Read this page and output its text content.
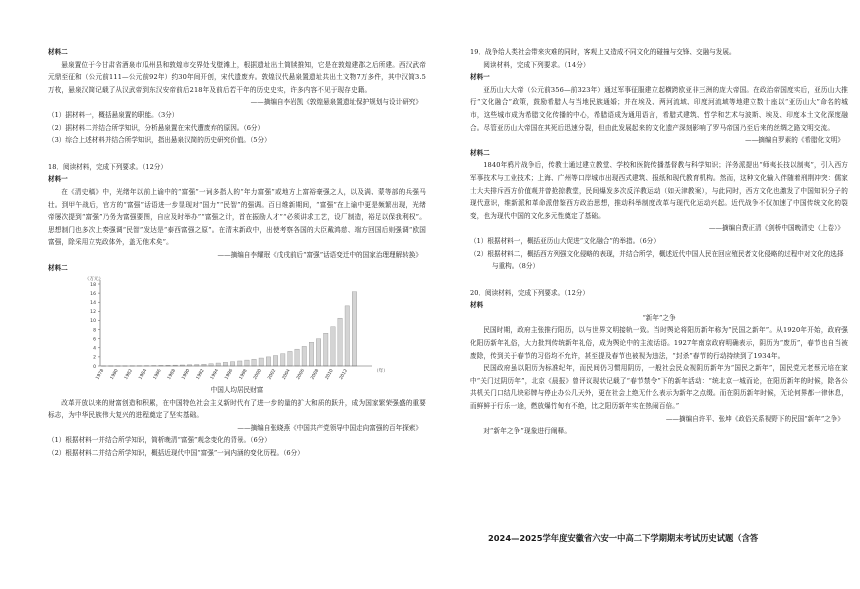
材料二

悬泉置位于今甘肃省酒泉市瓜州县和敦煌市交界处戈壁滩上，根据遗址出土简牍推知，它是在敦煌建郡之后所建。西汉武帝元鼎至征和（公元前111—公元前92年）约30年间开创，宋代遗废弃。敦煌汉代悬泉置遗址共出土文物7万多件，其中汉简3.5万枚，悬泉汉简记载了从汉武帝到东汉安帝前后218年及前后若干年的历史史实，许多内容不见于现存史籍。

——摘编自李岩凯《敦煌悬泉置遗址保护规划与设计研究》

（1）据材料一，概括悬泉置的职能。（3分）

（2）据材料二并结合所学知识，分析悬泉置在宋代遭废弃的原因。（6分）

（3）综合上述材料并结合所学知识，指出悬泉汉简的历史研究价值。（5分）

18．阅读材料，完成下列要求。（12分）

材料一

在《清史稿》中，光绪年以前上谕中的“富强”一词多指人的“年力富强”或地方上富裕豪强之人，以及满、蒙等部的兵强马壮。到甲午战后，官方的“富强”话语进一步显现对“国力”“民智”的强调。百日维新期间，“富强”在上谕中更是频繁出现，光绪帝屡次提到“富强”乃务为富强要图，自应及时举办”“富强之计，首在振励人才”“必须讲求工艺，设厂制造，裕足以保我利权”。思想制门也多次上奏强调“民智”发达是“泰西富强之原”。在清末新政中，出使考察各国的大臣戴鸿慈、端方回国后则强调“欧国富强，除采用立宪政体外，盖无他术矣”。

——摘编自李耀珉《戊戌前后“富强”话语变迁中的国家治理理解转换》

材料二

0
2
4
6
8
10
12
14
16
18
（万元）
（年）
1978 1980 1982 1984 1986 1988 1990 1992 1994 1996 1998 2000 2002 2004 2006 2008 2010 2012

中国人均居民财富

改革开放以来的财富创造和积累，在中国特色社会主义新时代有了进一步的量的扩大和质的跃升，成为国家繁荣强盛的重要标志，为中华民族伟大复兴的进程奠定了坚实基础。

——摘编自张晓燕《中国共产党领导中国走向富强的百年探索》

（1）根据材料一并结合所学知识，简析晚清“富强”观念变化的背景。（6分）

（2）根据材料二并结合所学知识，概括近现代中国“富强”一词内涵的变化历程。（6分）

19．战争给人类社会带来灾难的同时，客观上又造成不同文化的碰撞与交锋、交融与发展。

阅读材料，完成下列要求。（14分）

材料一

亚历山大大帝（公元前356—前323年）通过军事征服建立起横跨欧亚非三洲的庞大帝国。在政治帝国度实后，亚历山大推行“文化融合”政策，鼓励希腊人与当地民族通婚；并在埃及、两河流域、印度河流域等地建立数十座以“亚历山大”命名的城市，这些城市成为希腊文化传播的中心，希腊语成为通用语言，希腊式建筑、哲学和艺术与波斯、埃及、印度本土文化深度融合。尽管亚历山大帝国在其死后迅速分裂，但由此发展起来的文化遗产深刻影响了罗马帝国乃至后来的丝绸之路文明交流。

——摘编自罗素的《希腊化文明》

材料二

1840年鸦片战争后，传教士通过建立教堂、学校和医院传播基督教与科学知识；洋务派提出“师夷长技以制夷”，引入西方军事技术与工业技术；上海、广州等口岸城市出现西式建筑、报纸和现代教育机构。然而，这种文化输入伴随着刑荆冲突：儒家士大夫排斥西方价值观并曾抢掠教堂，民间爆发多次反洋教运动（如天津教案），与此同时，西方文化也激发了中国知识分子的现代意识，维新派和革命派借鉴西方政治思想，推动科举制度改革与现代化运动兴起。近代战争不仅加速了中国传统文化的裂变，也为现代中国的文化多元性奠定了基础。

——摘编自费正清《剑桥中国晚清史（上卷）》

（1）根据材料一，概括亚历山大促进“文化融合”的举措。（6分）

（2）根据材料二，概括西方列强文化侵略的表现，并结合所学，概述近代中国人民在回应殖民者文化侵略的过程中对文化的选择与重构。（8分）

20．阅读材料，完成下列要求。（12分）

材料

“新年”之争

民国时期，政府主张推行阳历，以与世界文明接轨一致。当时舆论将阳历新年称为“民国之新年”。从1920年开始，政府强化阳历新年礼俗，大力批判传统新年礼俗，成为舆论中的主流话语。1927年南京政府明确表示，阴历为“废历”，春节也自当被废除，传到关于春节的习俗均不允许，甚至提及春节也被视为违法，“封杀”春节的行动持续到了1934年。

民国政府虽以阳历为标准纪年，而民间仍习惯用阴历，一般社会民众视阴历新年为“国民之新年”，国民党元老蔡元培在家中“关门过阴历年”，北京《晨报》曾评议现状记载了“春节禁令”下的新年活动：“统北京一城而论，在阳历新年的时候，除各公共机关门口结几块彩牌与停止办公几天外，更在社会上绝无什么表示为新年之点缀。而在阴历新年时候，无论何界都一律休息，而鲜鲜于行乐一途，燃放爆竹甸有不绝，比之阳历新年实在热闹百倍。”

——摘编自许平、张坤《政俗关系视野下的民国“新年”之争》

对“新年之争”现象进行阐释。

2024—2025学年度安徽省六安一中高二下学期期末考试历史试题（含答
